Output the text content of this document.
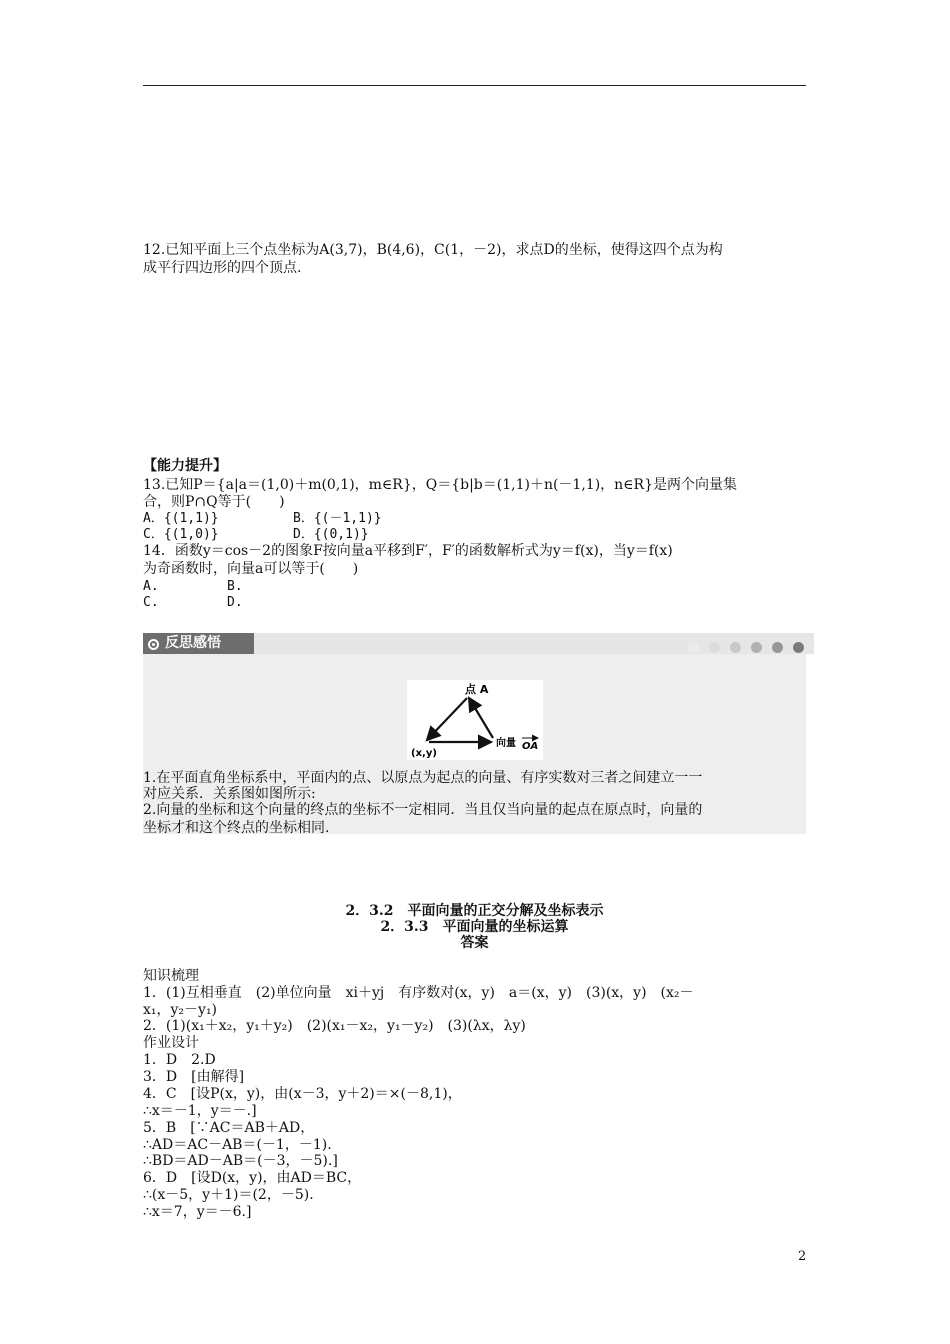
12.已知平面上三个点坐标为A(3,7)，B(4,6)，C(1，－2)，求点D的坐标，使得这四个点为构
成平行四边形的四个顶点.
【能力提升】
13.已知P＝{a|a＝(1,0)＋m(0,1)，m∈R}，Q＝{b|b＝(1,1)＋n(－1,1)，n∈R}是两个向量集
合，则P∩Q等于(　　)
A．{(1,1)}	B．{(－1,1)}
C．{(1,0)}	D．{(0,1)}
14．函数y＝cos－2的图象F按向量a平移到F′，F′的函数解析式为y＝f(x)，当y＝f(x)
为奇函数时，向量a可以等于(　　)
A.	B.
C.	D.
反思感悟
点 A
(x,y)
向量 OA
1.在平面直角坐标系中，平面内的点、以原点为起点的向量、有序实数对三者之间建立一一
对应关系．关系图如图所示:
2.向量的坐标和这个向量的终点的坐标不一定相同．当且仅当向量的起点在原点时，向量的
坐标才和这个终点的坐标相同.
2．3.2　平面向量的正交分解及坐标表示
2．3.3　平面向量的坐标运算
答案
知识梳理
1．(1)互相垂直　(2)单位向量　xi＋yj　有序数对(x，y)　a＝(x，y)　(3)(x，y)　(x₂－
x₁，y₂－y₁)
2．(1)(x₁＋x₂，y₁＋y₂)　(2)(x₁－x₂，y₁－y₂)　(3)(λx，λy)
作业设计
1．D　2.D
3．D　[由解得]
4．C　[设P(x，y)，由(x－3，y＋2)＝×(－8,1)，
∴x＝－1，y＝－.]
5．B　[∵AC＝AB＋AD，
∴AD＝AC－AB＝(－1，－1).
∴BD＝AD－AB＝(－3，－5).]
6．D　[设D(x，y)，由AD＝BC，
∴(x－5，y＋1)＝(2，－5).
∴x＝7，y＝－6.]
2
